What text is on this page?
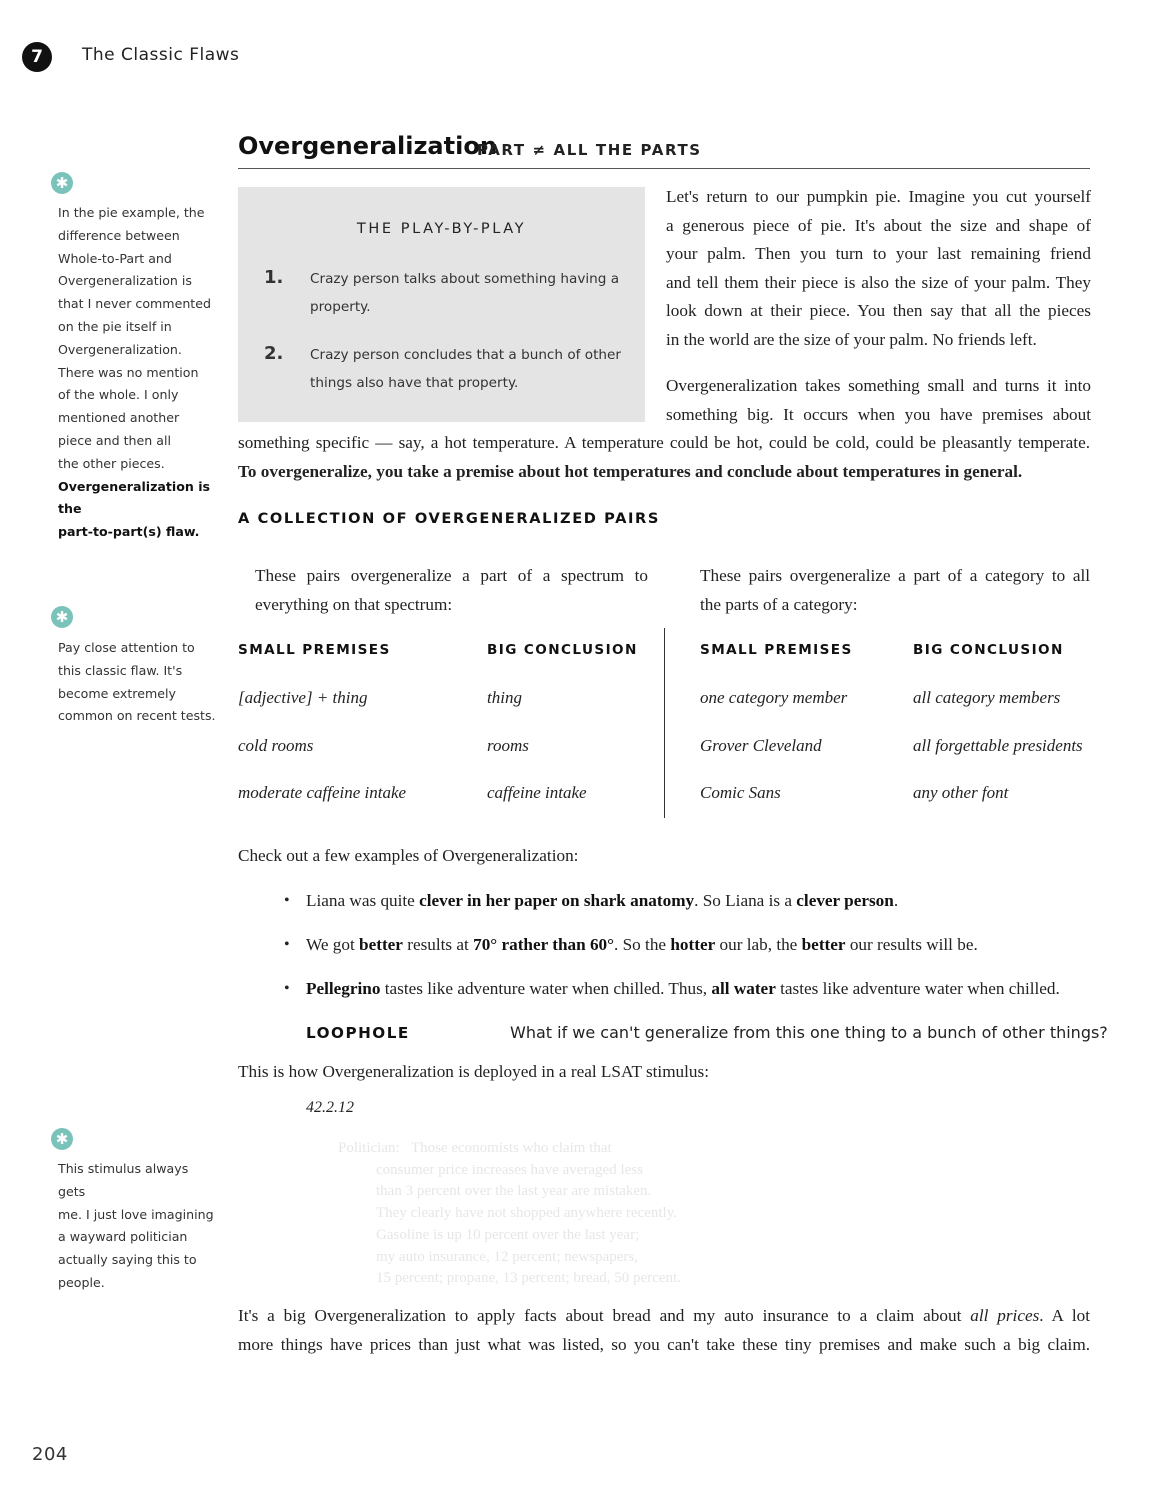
7 The Classic Flaws
Overgeneralization
PART ≠ ALL THE PARTS
✱
In the pie example, the
difference between
Whole-to-Part and
Overgeneralization is
that I never commented
on the pie itself in
Overgeneralization.
There was no mention
of the whole. I only
mentioned another
piece and then all
the other pieces.
Overgeneralization is the
part-to-part(s) flaw.
✱
Pay close attention to
this classic flaw. It's
become extremely
common on recent tests.
✱
This stimulus always gets
me. I just love imagining
a wayward politician
actually saying this to
people.
THE PLAY-BY-PLAY
1. Crazy person talks about something having a
property.
2. Crazy person concludes that a bunch of other
things also have that property.
Let's return to our pumpkin pie. Imagine you cut yourself
a generous piece of pie. It's about the size and shape of
your palm. Then you turn to your last remaining friend
and tell them their piece is also the size of your palm. They
look down at their piece. You then say that all the pieces
in the world are the size of your palm. No friends left.
Overgeneralization takes something small and turns it into
something big. It occurs when you have premises about
something specific — say, a hot temperature. A temperature could be hot, could be cold, could be pleasantly temperate.
To overgeneralize, you take a premise about hot temperatures and conclude about temperatures in general.
A COLLECTION OF OVERGENERALIZED PAIRS
These pairs overgeneralize a part of a spectrum to
everything on that spectrum:
These pairs overgeneralize a part of a category to all
the parts of a category:
SMALL PREMISES	BIG CONCLUSION
[adjective] + thing	thing
cold rooms	rooms
moderate caffeine intake	caffeine intake
SMALL PREMISES	BIG CONCLUSION
one category member	all category members
Grover Cleveland	all forgettable presidents
Comic Sans	any other font
Check out a few examples of Overgeneralization:
• Liana was quite clever in her paper on shark anatomy. So Liana is a clever person.
• We got better results at 70° rather than 60°. So the hotter our lab, the better our results will be.
• Pellegrino tastes like adventure water when chilled. Thus, all water tastes like adventure water when chilled.
LOOPHOLE	What if we can't generalize from this one thing to a bunch of other things?
This is how Overgeneralization is deployed in a real LSAT stimulus:
42.2.12
Politician: Those economists who claim that
consumer price increases have averaged less
than 3 percent over the last year are mistaken.
They clearly have not shopped anywhere recently.
Gasoline is up 10 percent over the last year;
my auto insurance, 12 percent; newspapers,
15 percent; propane, 13 percent; bread, 50 percent.
It's a big Overgeneralization to apply facts about bread and my auto insurance to a claim about all prices. A lot
more things have prices than just what was listed, so you can't take these tiny premises and make such a big claim.
204
